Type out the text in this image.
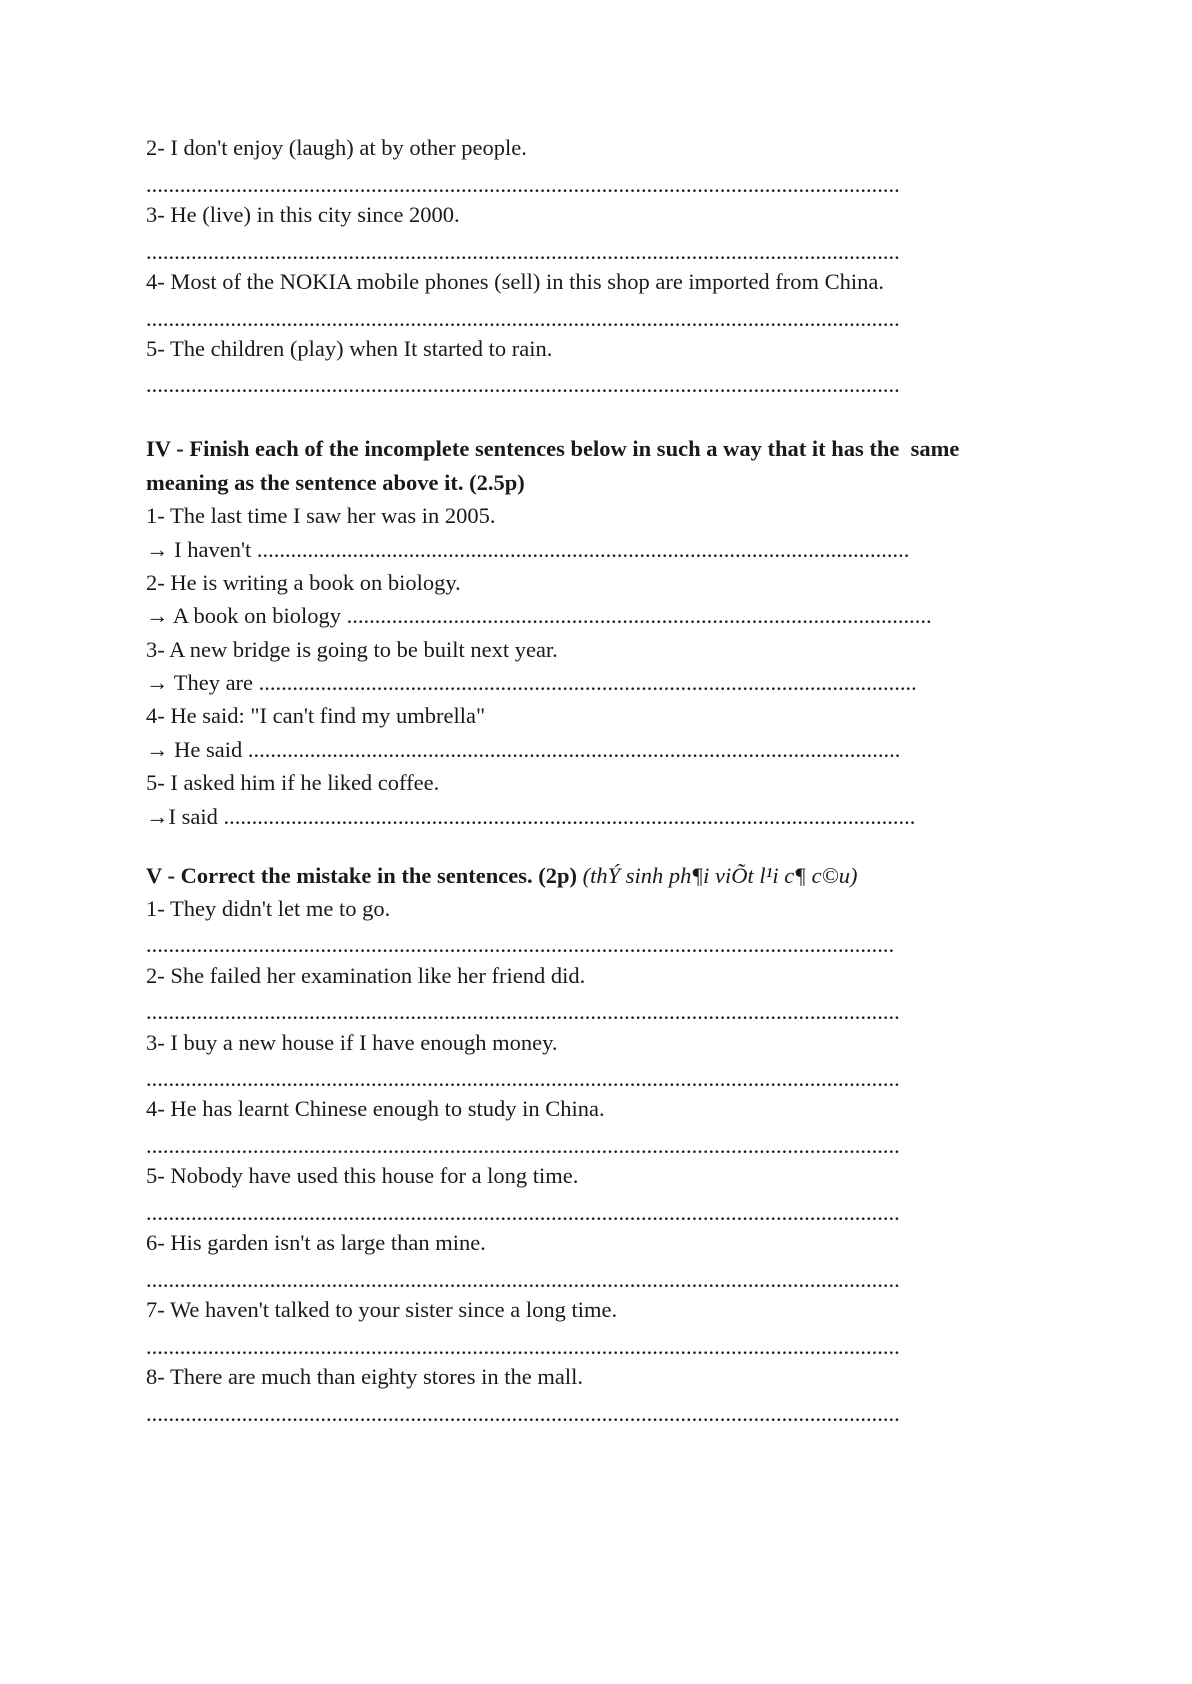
2- I don't enjoy (laugh) at by other people.
......................................................................................................................................
3- He (live) in this city since 2000.
......................................................................................................................................
4- Most of the NOKIA mobile phones (sell) in this shop are imported from China.
......................................................................................................................................
5- The children (play) when It started to rain.
......................................................................................................................................
IV - Finish each of the incomplete sentences below in such a way that it has the  same
meaning as the sentence above it. (2.5p)
1- The last time I saw her was in 2005.
→ I haven't ....................................................................................................................
2- He is writing a book on biology.
→ A book on biology ........................................................................................................
3- A new bridge is going to be built next year.
→ They are .....................................................................................................................
4- He said: "I can't find my umbrella"
→ He said ....................................................................................................................
5- I asked him if he liked coffee.
→I said ...........................................................................................................................
V - Correct the mistake in the sentences. (2p) (thÝ sinh ph¶i viÕt l¹i c¶ c©u)
1- They didn't let me to go.
.....................................................................................................................................
2- She failed her examination like her friend did.
......................................................................................................................................
3- I buy a new house if I have enough money.
......................................................................................................................................
4- He has learnt Chinese enough to study in China.
......................................................................................................................................
5- Nobody have used this house for a long time.
......................................................................................................................................
6- His garden isn't as large than mine.
......................................................................................................................................
7- We haven't talked to your sister since a long time.
......................................................................................................................................
8- There are much than eighty stores in the mall.
......................................................................................................................................
